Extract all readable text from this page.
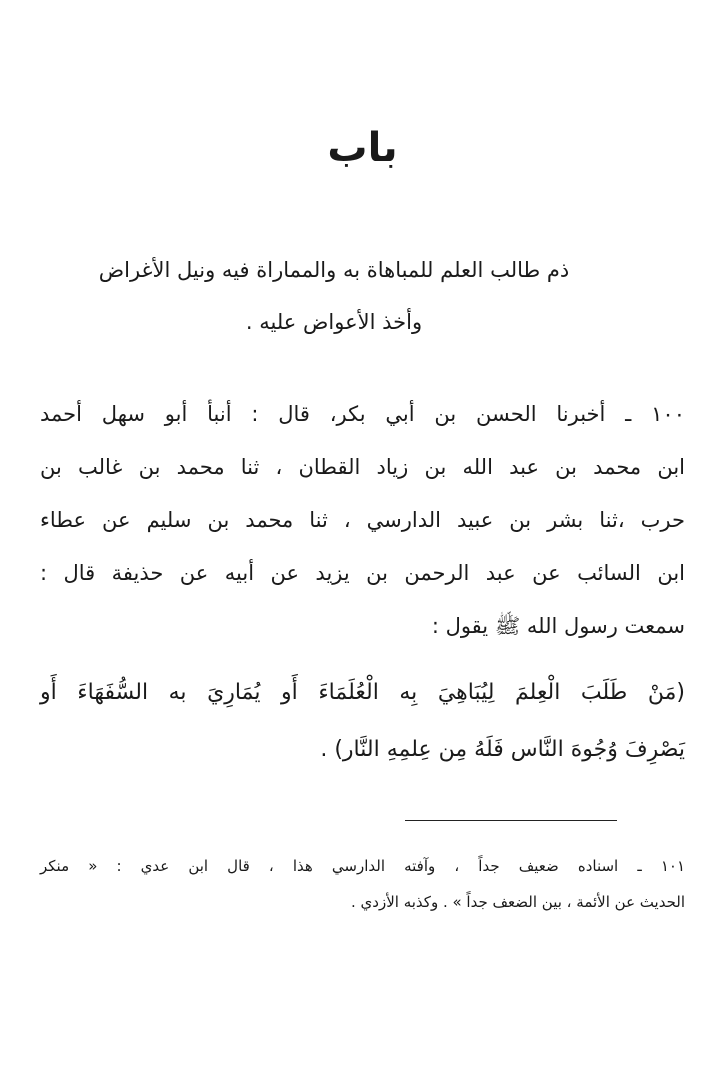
باب

ذم طالب العلم للمباهاة به والمماراة فيه ونيل الأغراض
وأخذ الأعواض عليه .

١٠٠ ـ أخبرنا الحسن بن أبي بكر، قال : أنبأ أبو سهل أحمد
ابن محمد بن عبد الله بن زياد القطان ، ثنا محمد بن غالب بن
حرب ،ثنا بشر بن عبيد الدارسي ، ثنا محمد بن سليم عن عطاء
ابن السائب عن عبد الرحمن بن يزيد عن أبيه عن حذيفة قال :
سمعت رسول الله ﷺ يقول :

(مَنْ طَلَبَ الْعِلمَ لِيُبَاهِيَ بِه الْعُلَمَاءَ أَو يُمَارِيَ به السُّفَهَاءَ أَو
يَصْرِفَ وُجُوهَ النَّاس فَلَهُ مِن عِلمِهِ النَّار) .

١٠١ ـ اسناده ضعيف جداً ، وآفته الدارسي هذا ، قال ابن عدي : « منكر
الحديث عن الأئمة ، بين الضعف جداً » . وكذبه الأزدي .
